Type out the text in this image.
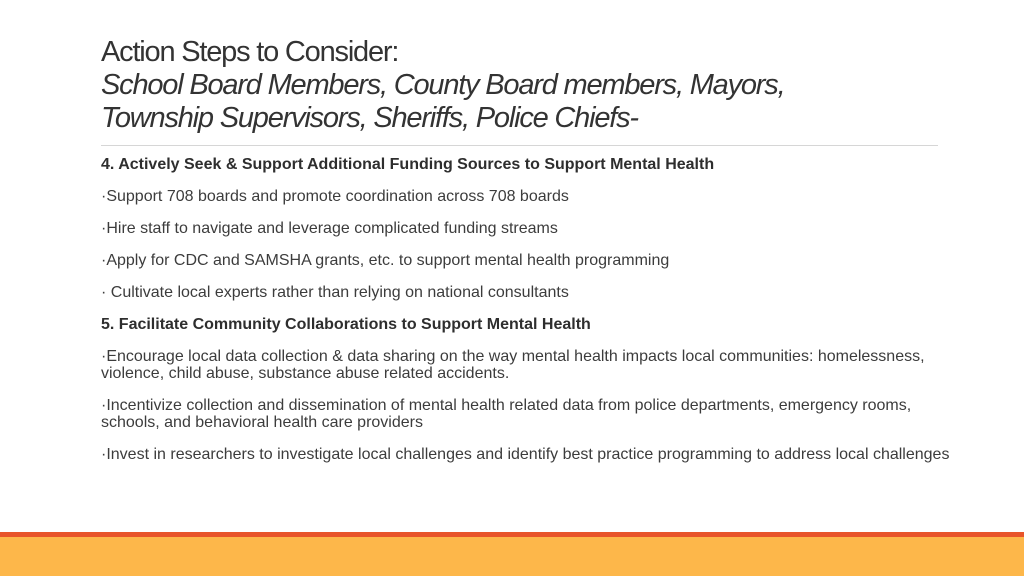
Action Steps to Consider:
School Board Members, County Board members, Mayors,
Township Supervisors, Sheriffs, Police Chiefs-

4. Actively Seek & Support Additional Funding Sources to Support Mental Health

·Support 708 boards and promote coordination across 708 boards

·Hire staff to navigate and leverage complicated funding streams

·Apply for CDC and SAMSHA grants, etc. to support mental health programming

· Cultivate local experts rather than relying on national consultants

5. Facilitate Community Collaborations to Support Mental Health

·Encourage local data collection & data sharing on the way mental health impacts local communities: homelessness, violence, child abuse, substance abuse related accidents.

·Incentivize collection and dissemination of mental health related data from police departments, emergency rooms, schools, and behavioral health care providers

·Invest in researchers to investigate local challenges and identify best practice programming to address local challenges
